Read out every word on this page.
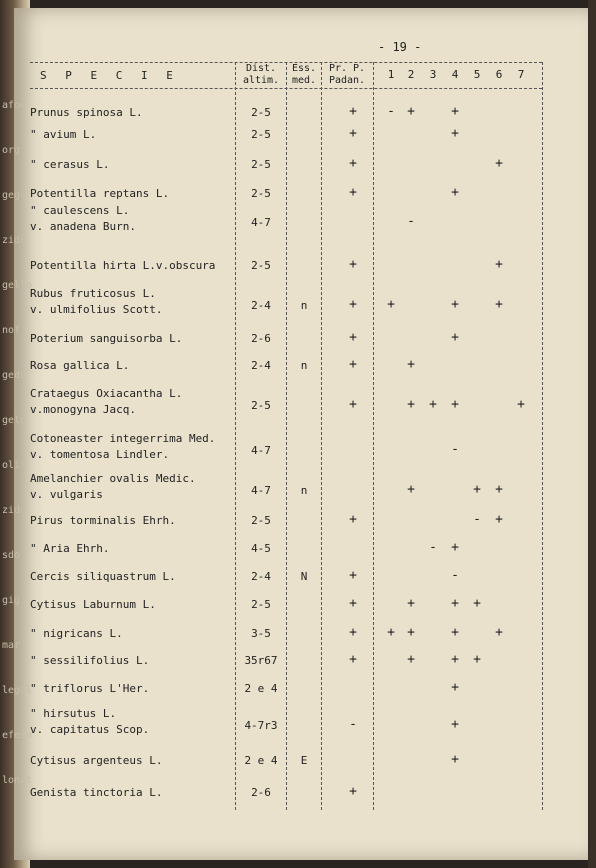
afoo
org
gegs
zido
gello
nof
gedu
gelp
olit
zido
sdo
gig
mar
legal
efelo
lonat
- 19 -
S P E C I E
Dist.
altim.
Ess.
med.
Pr. P.
Padan.
Prunus spinosa L.	2-5	+ - +	+
" avium L.	2-5	+	+
" cerasus L.	2-5	+	+
Potentilla reptans L.	2-5	+	+
" caulescens L.
v. anadena Burn.	4-7	-
Potentilla hirta L.v.obscura	2-5	+	+
Rubus fruticosus L.
v. ulmifolius Scott.	2-4	n	+ +	+	+
Poterium sanguisorba L.	2-6	+	+
Rosa gallica L.	2-4	n	+	+
Crataegus Oxiacantha L.
v.monogyna Jacq.	2-5	+	+ + +	+
Cotoneaster integerrima Med.
v. tomentosa Lindler.	4-7	-
Amelanchier ovalis Medic.
v. vulgaris	4-7	n	+	+ +
Pirus torminalis Ehrh.	2-5	+	- +
" Aria Ehrh.	4-5	- +
Cercis siliquastrum L.	2-4	N	+	-
Cytisus Laburnum L.	2-5	+	+	+ +
" nigricans L.	3-5	+ + +	+	+
" sessilifolius L.	35r67	+	+	+ +
" triflorus L'Her.	2 e 4	+
" hirsutus L.
v. capitatus Scop.	4-7r3	-	+
Cytisus argenteus L.	2 e 4	E	+
Genista tinctoria L.	2-6	+
1	2	3	4	5	6	7
